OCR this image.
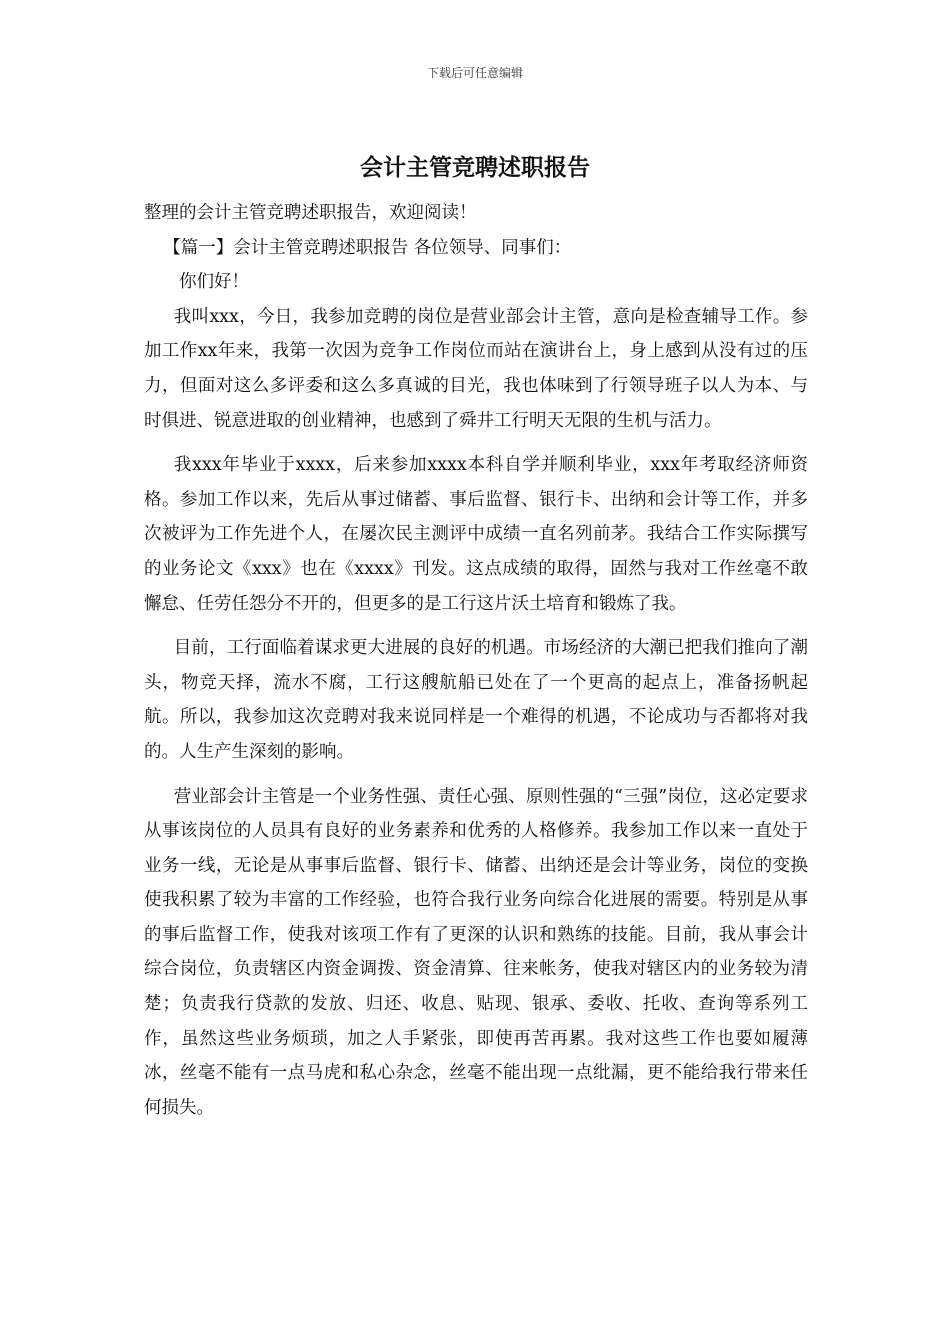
下载后可任意编辑
会计主管竞聘述职报告

整理的会计主管竞聘述职报告，欢迎阅读！

【篇一】会计主管竞聘述职报告 各位领导、同事们：

你们好！

我叫xxx，今日，我参加竞聘的岗位是营业部会计主管，意向是检查辅导工作。参加工作xx年来，我第一次因为竞争工作岗位而站在演讲台上，身上感到从没有过的压力，但面对这么多评委和这么多真诚的目光，我也体味到了行领导班子以人为本、与时俱进、锐意进取的创业精神，也感到了舜井工行明天无限的生机与活力。

我xxx年毕业于xxxx，后来参加xxxx本科自学并顺利毕业，xxx年考取经济师资格。参加工作以来，先后从事过储蓄、事后监督、银行卡、出纳和会计等工作，并多次被评为工作先进个人，在屡次民主测评中成绩一直名列前茅。我结合工作实际撰写的业务论文《xxx》也在《xxxx》刊发。这点成绩的取得，固然与我对工作丝毫不敢懈怠、任劳任怨分不开的，但更多的是工行这片沃土培育和锻炼了我。

目前，工行面临着谋求更大进展的良好的机遇。市场经济的大潮已把我们推向了潮头，物竞天择，流水不腐，工行这艘航船已处在了一个更高的起点上，准备扬帆起航。所以，我参加这次竞聘对我来说同样是一个难得的机遇，不论成功与否都将对我的。人生产生深刻的影响。

营业部会计主管是一个业务性强、责任心强、原则性强的“三强”岗位，这必定要求从事该岗位的人员具有良好的业务素养和优秀的人格修养。我参加工作以来一直处于业务一线，无论是从事事后监督、银行卡、储蓄、出纳还是会计等业务，岗位的变换使我积累了较为丰富的工作经验，也符合我行业务向综合化进展的需要。特别是从事的事后监督工作，使我对该项工作有了更深的认识和熟练的技能。目前，我从事会计综合岗位，负责辖区内资金调拨、资金清算、往来帐务，使我对辖区内的业务较为清楚；负责我行贷款的发放、归还、收息、贴现、银承、委收、托收、查询等系列工作，虽然这些业务烦琐，加之人手紧张，即使再苦再累。我对这些工作也要如履薄冰，丝毫不能有一点马虎和私心杂念，丝毫不能出现一点纰漏，更不能给我行带来任何损失。
